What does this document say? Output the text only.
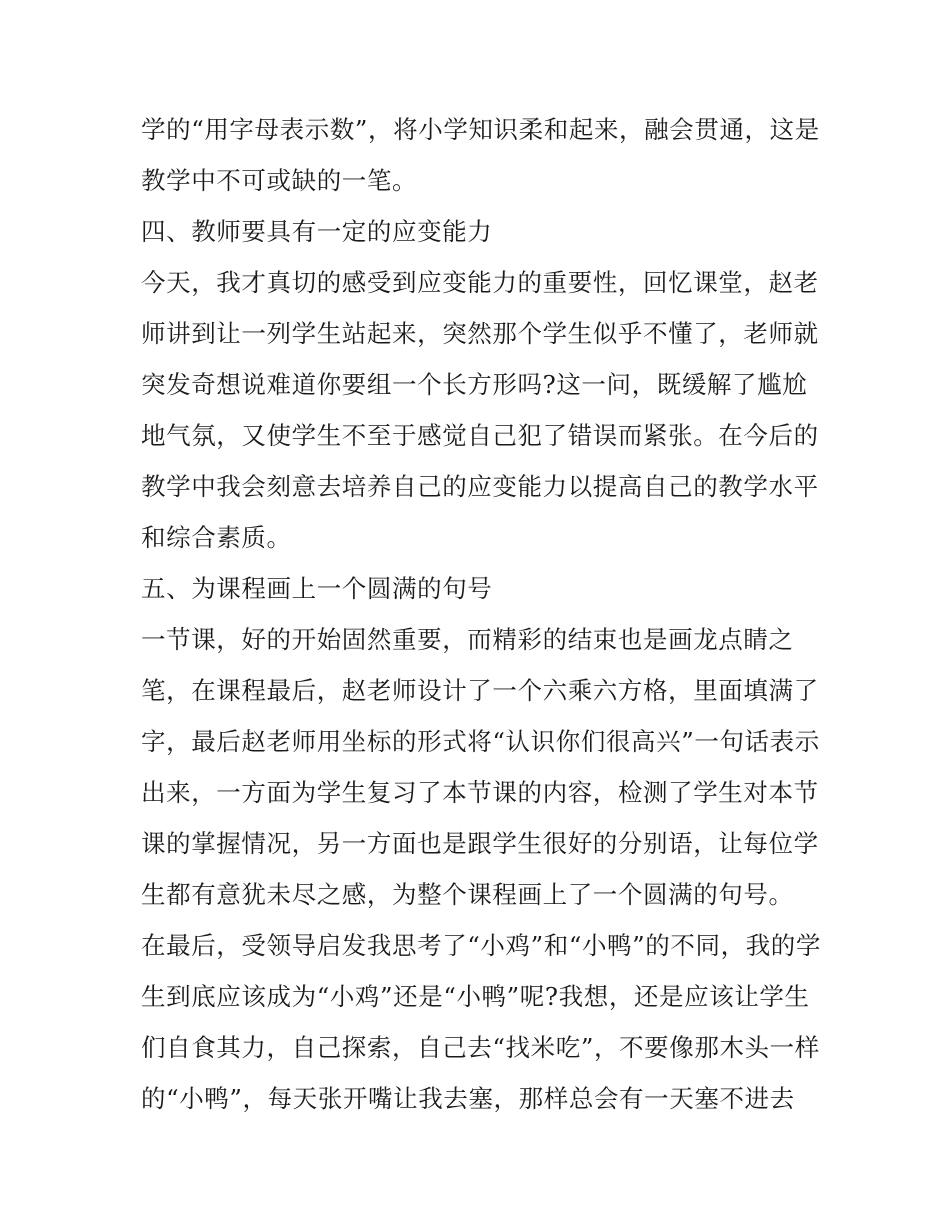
学的“用字母表示数”，将小学知识柔和起来，融会贯通，这是
教学中不可或缺的一笔。
四、教师要具有一定的应变能力
今天，我才真切的感受到应变能力的重要性，回忆课堂，赵老
师讲到让一列学生站起来，突然那个学生似乎不懂了，老师就
突发奇想说难道你要组一个长方形吗?这一问，既缓解了尴尬
地气氛，又使学生不至于感觉自己犯了错误而紧张。在今后的
教学中我会刻意去培养自己的应变能力以提高自己的教学水平
和综合素质。
五、为课程画上一个圆满的句号
一节课，好的开始固然重要，而精彩的结束也是画龙点睛之
笔，在课程最后，赵老师设计了一个六乘六方格，里面填满了
字，最后赵老师用坐标的形式将“认识你们很高兴”一句话表示
出来，一方面为学生复习了本节课的内容，检测了学生对本节
课的掌握情况，另一方面也是跟学生很好的分别语，让每位学
生都有意犹未尽之感，为整个课程画上了一个圆满的句号。
在最后，受领导启发我思考了“小鸡”和“小鸭”的不同，我的学
生到底应该成为“小鸡”还是“小鸭”呢?我想，还是应该让学生
们自食其力，自己探索，自己去“找米吃”，不要像那木头一样
的“小鸭”，每天张开嘴让我去塞，那样总会有一天塞不进去
